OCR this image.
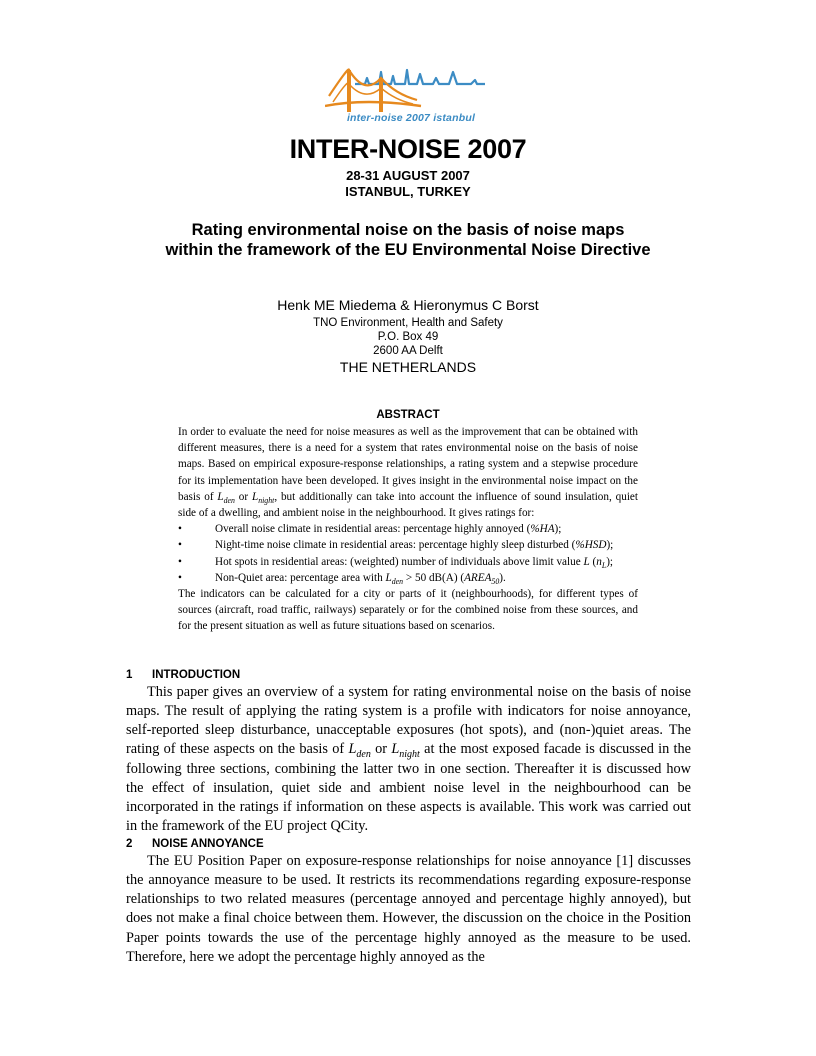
inter-noise 2007 istanbul
INTER-NOISE 2007
28-31 AUGUST 2007
ISTANBUL, TURKEY
Rating environmental noise on the basis of noise maps
within the framework of the EU Environmental Noise Directive
Henk ME Miedema & Hieronymus C Borst
TNO Environment, Health and Safety
P.O. Box 49
2600 AA Delft
THE NETHERLANDS
ABSTRACT

In order to evaluate the need for noise measures as well as the improvement that can be obtained with different measures, there is a need for a system that rates environmental noise on the basis of noise maps. Based on empirical exposure-response relationships, a rating system and a stepwise procedure for its implementation have been developed. It gives insight in the environmental noise impact on the basis of $L_{den}$ or $L_{night}$, but additionally can take into account the influence of sound insulation, quiet side of a dwelling, and ambient noise in the neighbourhood. It gives ratings for:

•	Overall noise climate in residential areas: percentage highly annoyed (%HA);
•	Night-time noise climate in residential areas: percentage highly sleep disturbed (%HSD);
•	Hot spots in residential areas: (weighted) number of individuals above limit value L $(n_L)$;
•	Non-Quiet area: percentage area with $L_{den} > 50$ dB(A) $(AREA_{50})$.

The indicators can be calculated for a city or parts of it (neighbourhoods), for different types of sources (aircraft, road traffic, railways) separately or for the combined noise from these sources, and for the present situation as well as future situations based on scenarios.

1 INTRODUCTION

This paper gives an overview of a system for rating environmental noise on the basis of noise maps. The result of applying the rating system is a profile with indicators for noise annoyance, self-reported sleep disturbance, unacceptable exposures (hot spots), and (non-)quiet areas. The rating of these aspects on the basis of $L_{den}$ or $L_{night}$ at the most exposed facade is discussed in the following three sections, combining the latter two in one section. Thereafter it is discussed how the effect of insulation, quiet side and ambient noise level in the neighbourhood can be incorporated in the ratings if information on these aspects is available. This work was carried out in the framework of the EU project QCity.

2 NOISE ANNOYANCE

The EU Position Paper on exposure-response relationships for noise annoyance [1] discusses the annoyance measure to be used. It restricts its recommendations regarding exposure-response relationships to two related measures (percentage annoyed and percentage highly annoyed), but does not make a final choice between them. However, the discussion on the choice in the Position Paper points towards the use of the percentage highly annoyed as the measure to be used. Therefore, here we adopt the percentage highly annoyed as the
